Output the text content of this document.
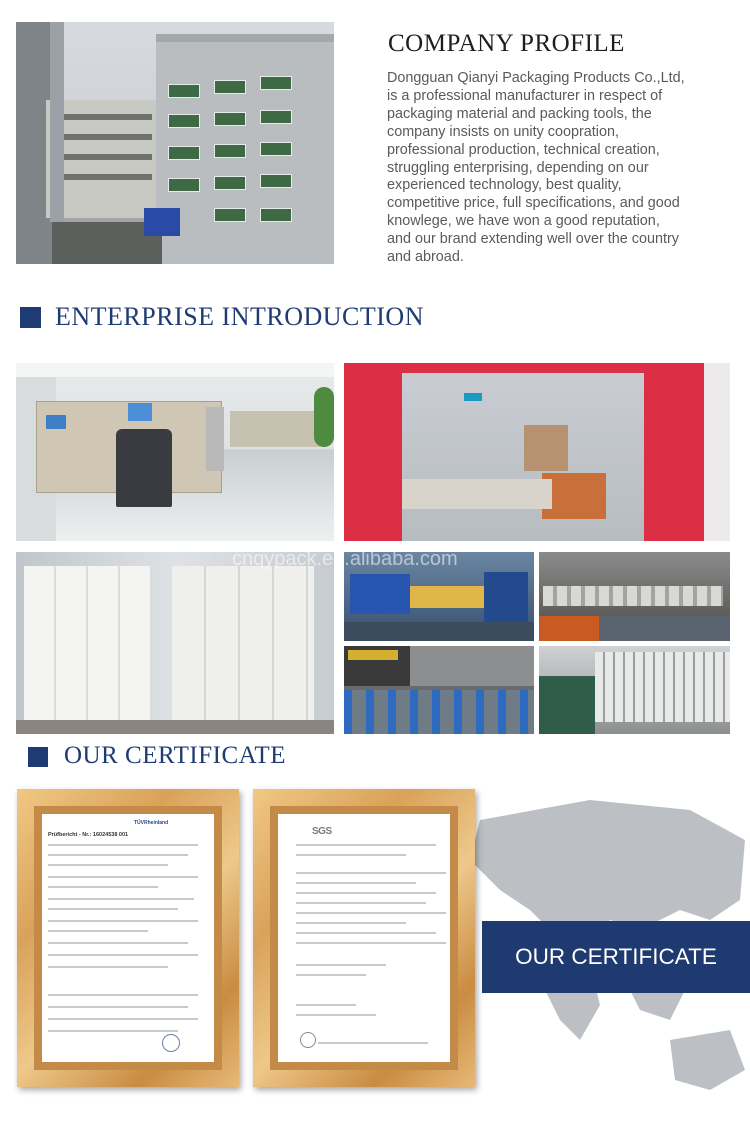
COMPANY PROFILE
Dongguan Qianyi Packaging Products Co.,Ltd,
is a professional manufacturer in respect of
packaging material and packing tools, the
company insists on unity coopration,
professional production, technical creation,
struggling enterprising, depending on our
experienced technology, best quality,
competitive price, full specifications, and good
knowlege, we have won a good reputation,
and our brand extending well over the country
and abroad.
ENTERPRISE INTRODUCTION
cnqypack.en.alibaba.com
OUR CERTIFICATE
TÜVRheinland
Prüfbericht - Nr.: 16024538 001	SGS
OUR CERTIFICATE
